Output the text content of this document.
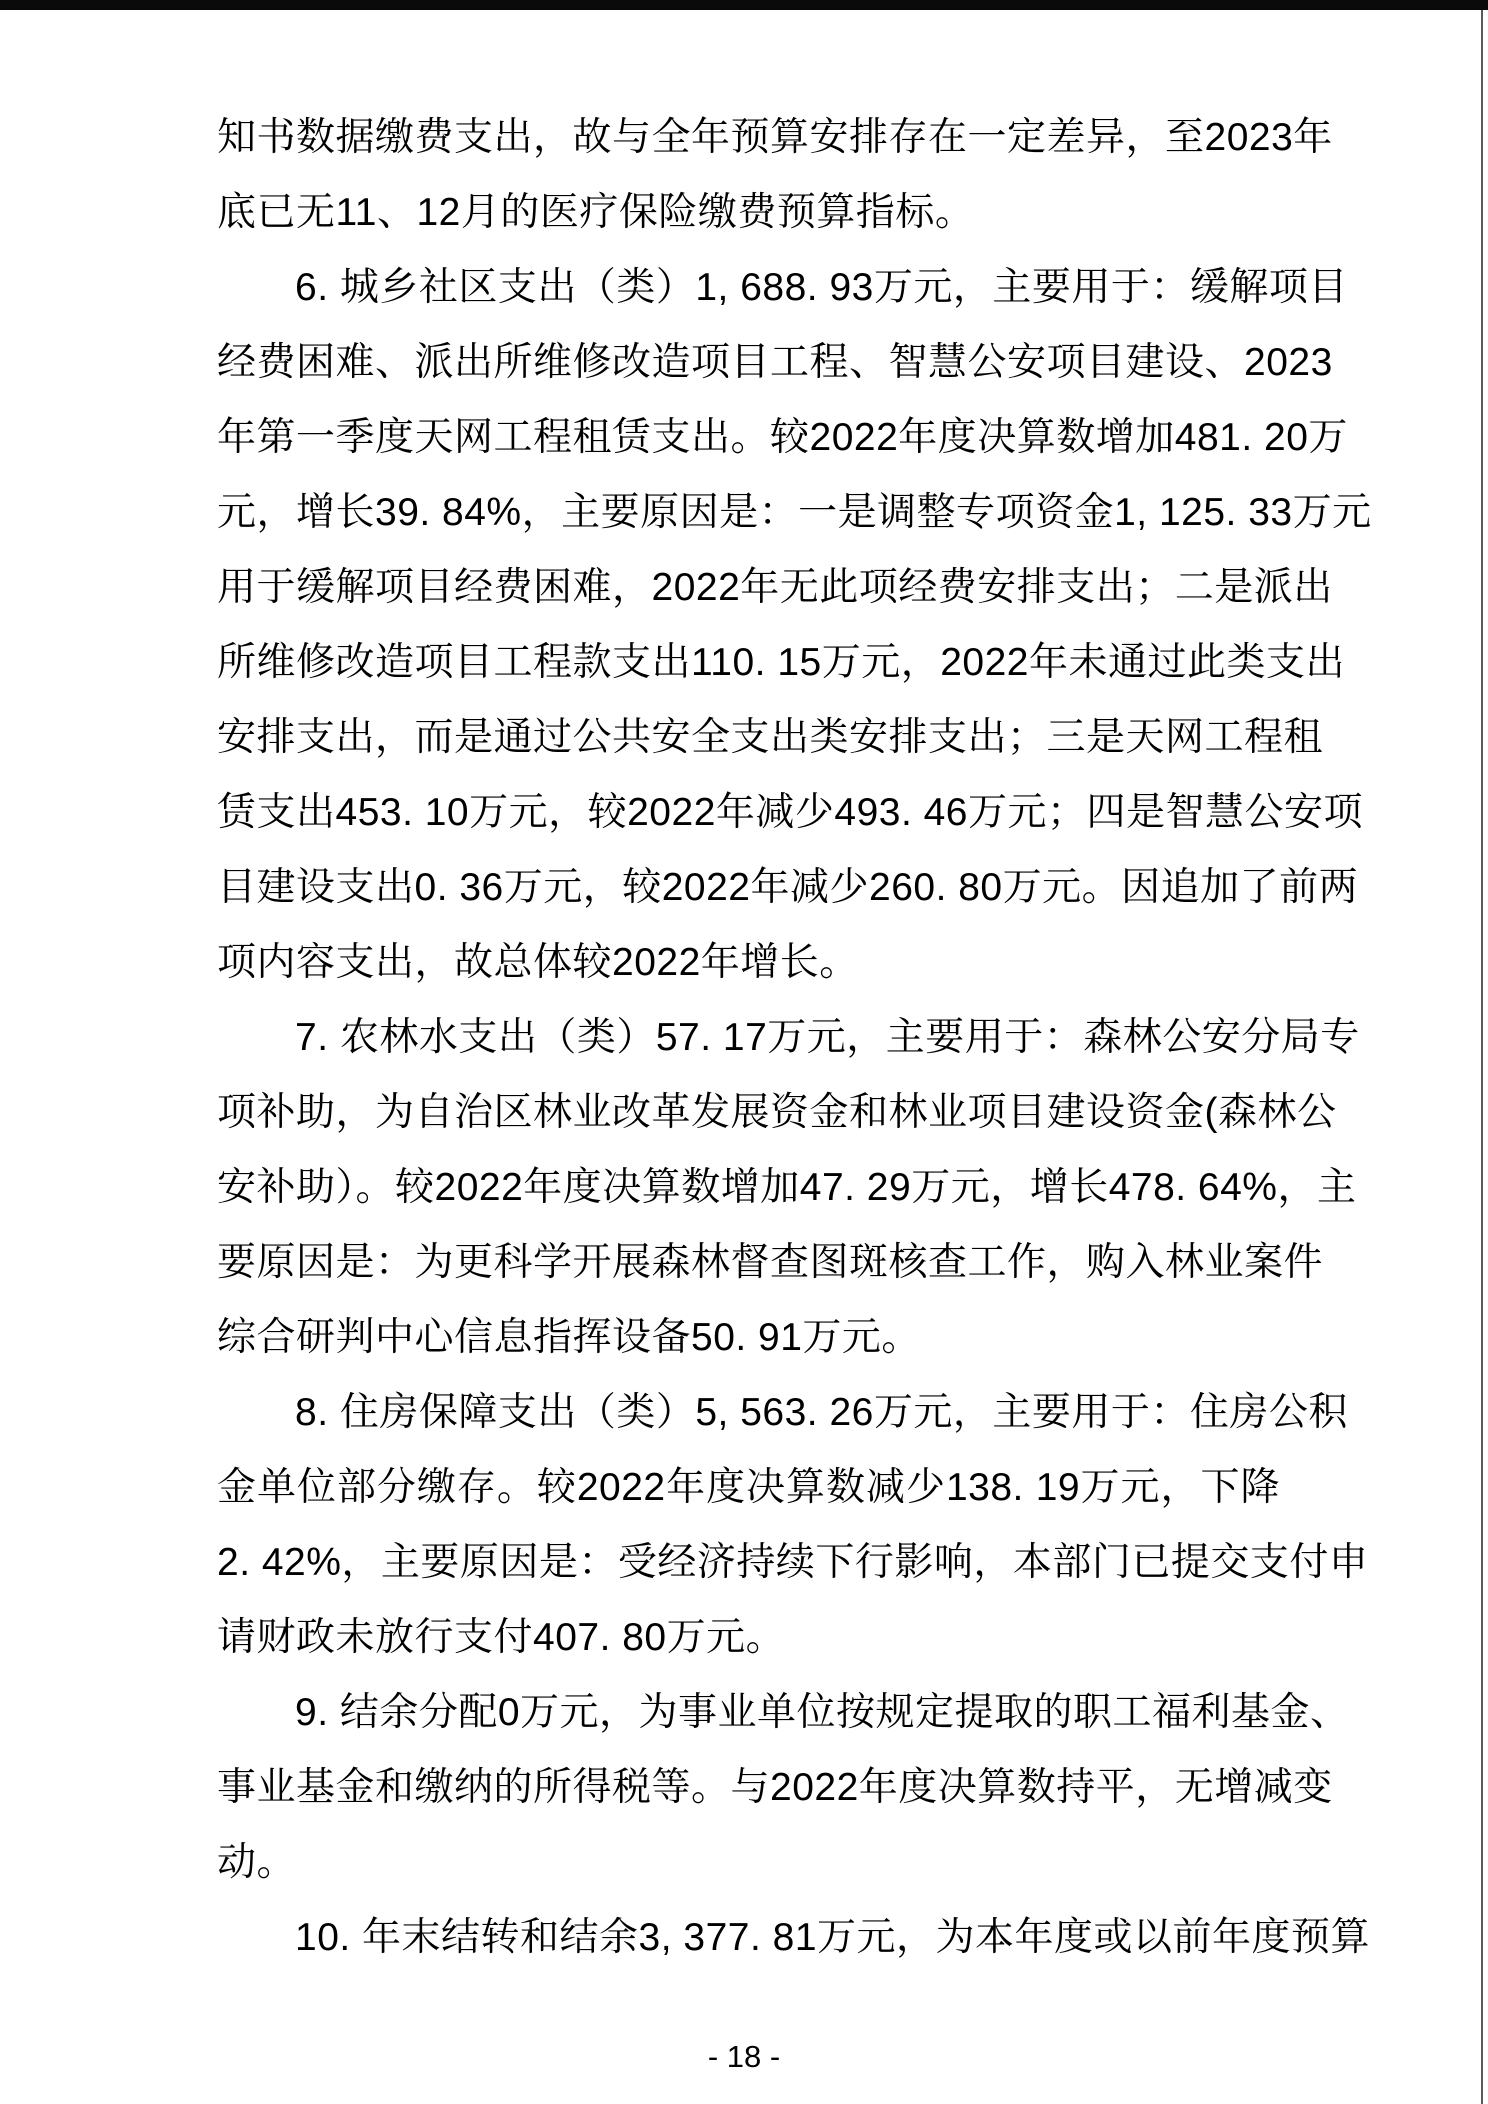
知书数据缴费支出，故与全年预算安排存在一定差异，至2023年
底已无11、12月的医疗保险缴费预算指标。
6. 城乡社区支出（类）1, 688. 93万元，主要用于：缓解项目
经费困难、派出所维修改造项目工程、智慧公安项目建设、2023
年第一季度天网工程租赁支出。较2022年度决算数增加481. 20万
元，增长39. 84%，主要原因是：一是调整专项资金1, 125. 33万元
用于缓解项目经费困难，2022年无此项经费安排支出；二是派出
所维修改造项目工程款支出110. 15万元，2022年未通过此类支出
安排支出，而是通过公共安全支出类安排支出；三是天网工程租
赁支出453. 10万元，较2022年减少493. 46万元；四是智慧公安项
目建设支出0. 36万元，较2022年减少260. 80万元。因追加了前两
项内容支出，故总体较2022年增长。
7. 农林水支出（类）57. 17万元，主要用于：森林公安分局专
项补助，为自治区林业改革发展资金和林业项目建设资金(森林公
安补助）。较2022年度决算数增加47. 29万元，增长478. 64%，主
要原因是：为更科学开展森林督查图斑核查工作，购入林业案件
综合研判中心信息指挥设备50. 91万元。
8. 住房保障支出（类）5, 563. 26万元，主要用于：住房公积
金单位部分缴存。较2022年度决算数减少138. 19万元，下降
2. 42%，主要原因是：受经济持续下行影响，本部门已提交支付申
请财政未放行支付407. 80万元。
9. 结余分配0万元，为事业单位按规定提取的职工福利基金、
事业基金和缴纳的所得税等。与2022年度决算数持平，无增减变
动。
10. 年末结转和结余3, 377. 81万元，为本年度或以前年度预算
- 18 -
